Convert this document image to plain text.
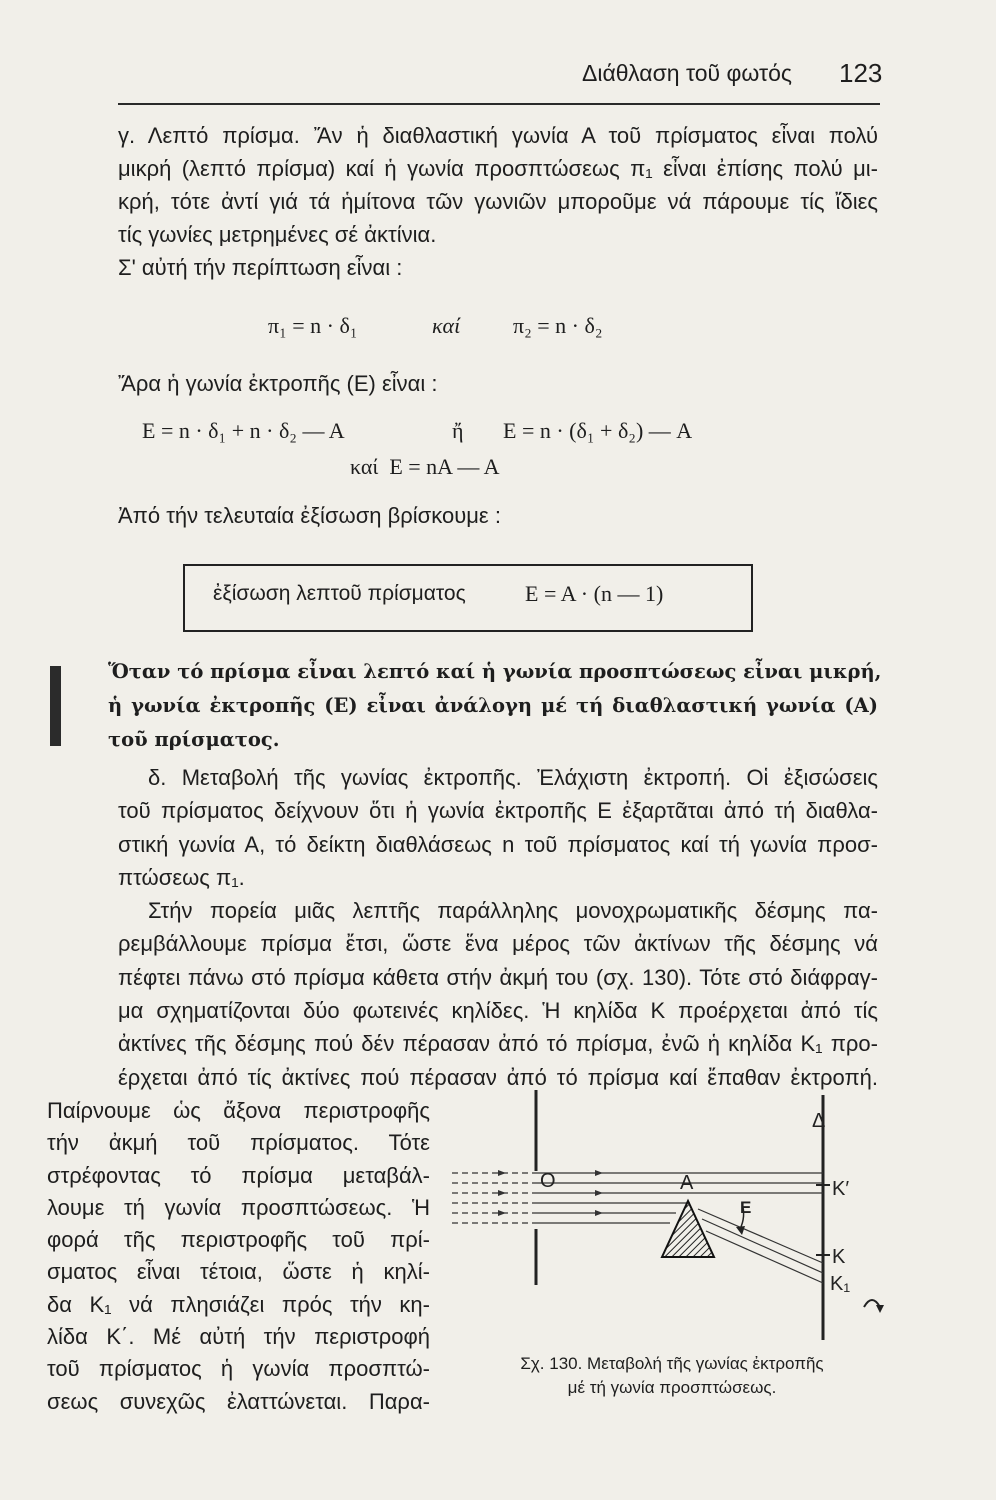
Διάθλαση τοῦ φωτός 123
γ. Λεπτό πρίσμα. Ἄν ἡ διαθλαστική γωνία Α τοῦ πρίσματος εἶναι πολύ
μικρή (λεπτό πρίσμα) καί ἡ γωνία προσπτώσεως π₁ εἶναι ἐπίσης πολύ μι-
κρή, τότε ἀντί γιά τά ἡμίτονα τῶν γωνιῶν μποροῦμε νά πάρουμε τίς ἴδιες
τίς γωνίες μετρημένες σέ ἀκτίνια.
Σ' αὐτή τήν περίπτωση εἶναι :
π₁ = n · δ₁	καί π₂ = n · δ₂
Ἄρα ἡ γωνία ἐκτροπῆς (Ε) εἶναι :
Ε = n · δ₁ + n · δ₂ — Α	ἤ Ε = n · (δ₁ + δ₂) — Α
καί  Ε = nΑ — Α
Ἀπό τήν τελευταία ἐξίσωση βρίσκουμε :
ἐξίσωση λεπτοῦ πρίσματος	Ε = Α · (n — 1)
Ὅταν τό πρίσμα εἶναι λεπτό καί ἡ γωνία προσπτώσεως εἶναι μικρή,
ἡ γωνία ἐκτροπῆς (Ε) εἶναι ἀνάλογη μέ τή διαθλαστική γωνία (Α)
τοῦ πρίσματος.
δ. Μεταβολή τῆς γωνίας ἐκτροπῆς. Ἐλάχιστη ἐκτροπή. Οἱ ἐξισώσεις
τοῦ πρίσματος δείχνουν ὅτι ἡ γωνία ἐκτροπῆς Ε ἐξαρτᾶται ἀπό τή διαθλα-
στική γωνία Α, τό δείκτη διαθλάσεως n τοῦ πρίσματος καί τή γωνία προσ-
πτώσεως π₁.
Στήν πορεία μιᾶς λεπτῆς παράλληλης μονοχρωματικῆς δέσμης πα-
ρεμβάλλουμε πρίσμα ἔτσι, ὥστε ἕνα μέρος τῶν ἀκτίνων τῆς δέσμης νά
πέφτει πάνω στό πρίσμα κάθετα στήν ἀκμή του (σχ. 130). Τότε στό διάφραγ-
μα σχηματίζονται δύο φωτεινές κηλίδες. Ἡ κηλίδα Κ προέρχεται ἀπό τίς
ἀκτίνες τῆς δέσμης πού δέν πέρασαν ἀπό τό πρίσμα, ἐνῶ ἡ κηλίδα Κ₁ προ-
έρχεται ἀπό τίς ἀκτίνες πού πέρασαν ἀπό τό πρίσμα καί ἔπαθαν ἐκτροπή.
Παίρνουμε ὡς ἄξονα περιστροφῆς
τήν ἀκμή τοῦ πρίσματος. Τότε
στρέφοντας τό πρίσμα μεταβάλ-
λουμε τή γωνία προσπτώσεως. Ἡ
φορά τῆς περιστροφῆς τοῦ πρί-
σματος εἶναι τέτοια, ὥστε ἡ κηλί-
δα Κ₁ νά πλησιάζει πρός τήν κη-
λίδα Κ΄. Μέ αὐτή τήν περιστροφή
τοῦ πρίσματος ἡ γωνία προσπτώ-
σεως συνεχῶς ἐλαττώνεται. Παρα-
O	A
E
Δ
Κ′
Κ
Κ₁
Σχ. 130. Μεταβολή τῆς γωνίας ἐκτροπῆς
μέ τή γωνία προσπτώσεως.
